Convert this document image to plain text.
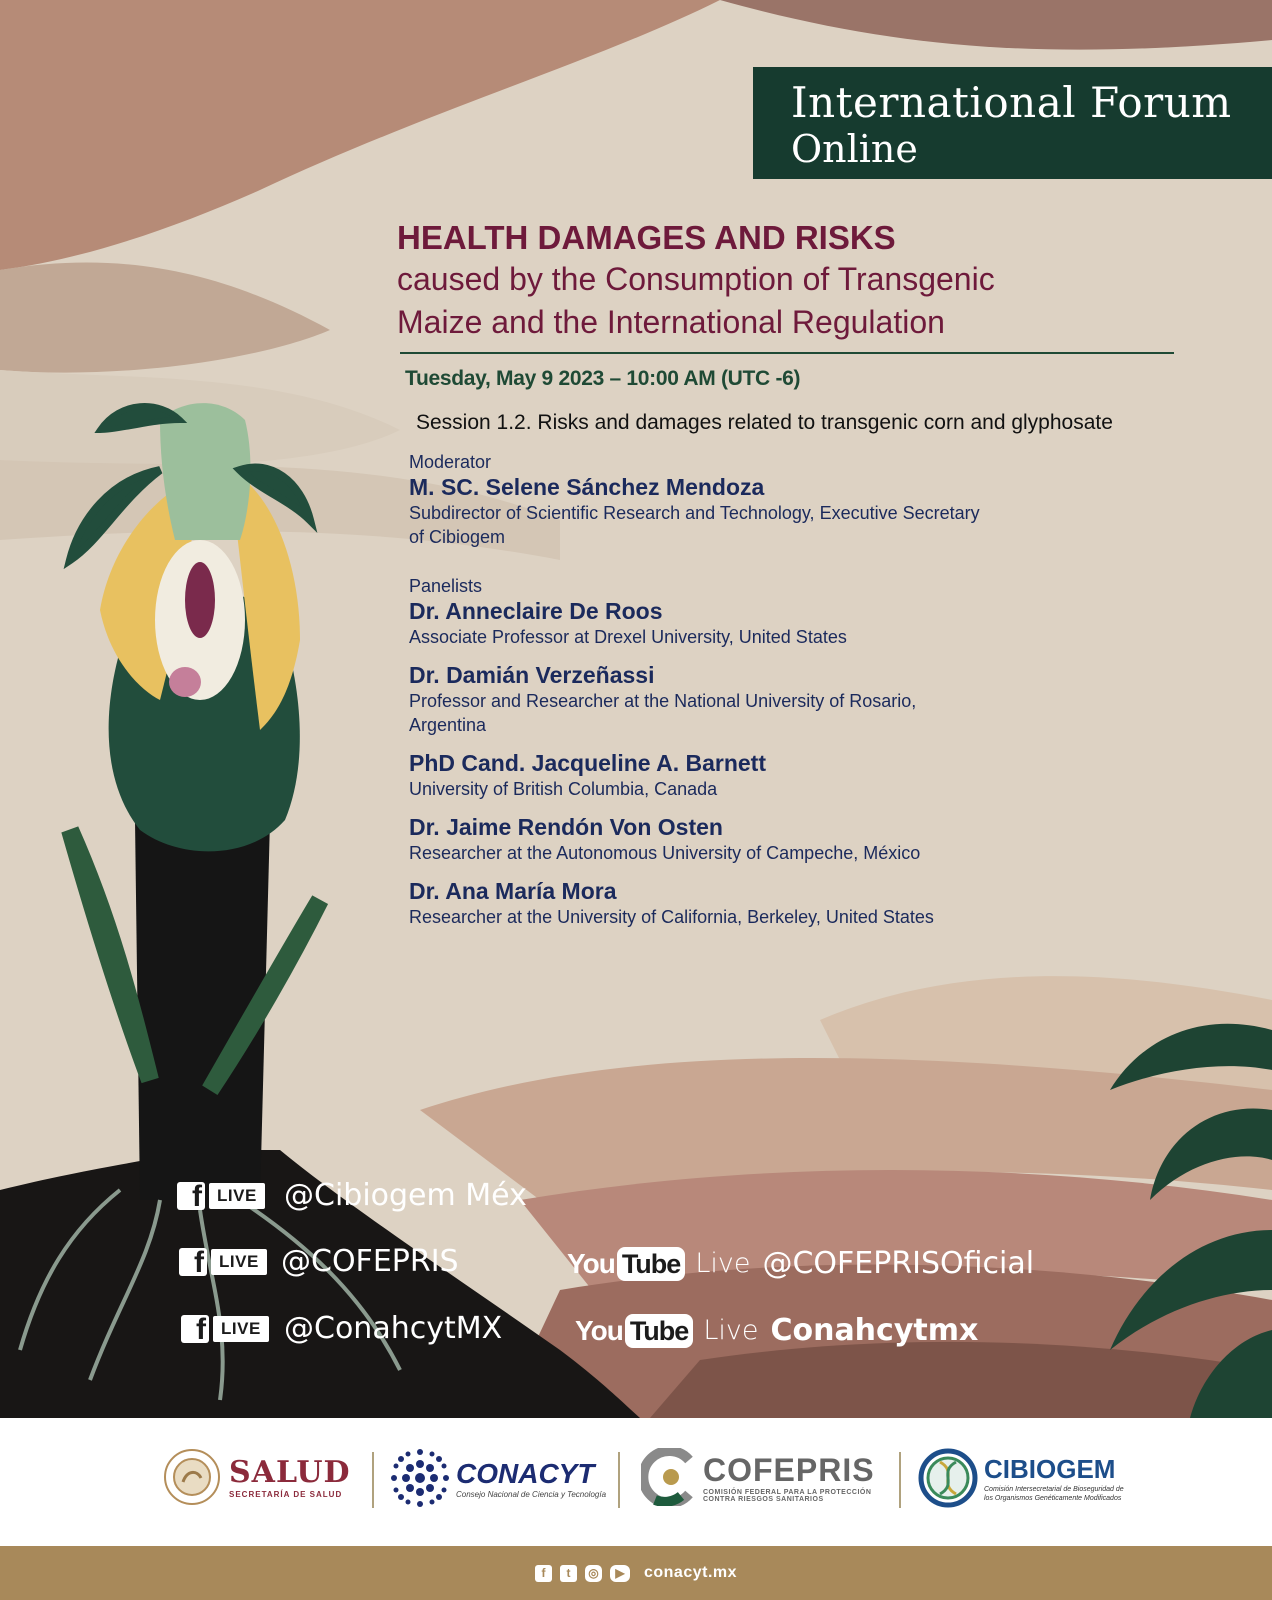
International Forum
Online
HEALTH DAMAGES AND RISKS
caused by the Consumption of Transgenic
Maize and the International Regulation
Tuesday, May 9 2023 – 10:00 AM (UTC -6)
Session 1.2. Risks and damages related to transgenic corn and glyphosate
Moderator
M. SC. Selene Sánchez Mendoza
Subdirector of Scientific Research and Technology, Executive Secretary
of Cibiogem
Panelists
Dr. Anneclaire De Roos
Associate Professor at Drexel University, United States
Dr. Damián Verzeñassi
Professor and Researcher at the National University of Rosario,
Argentina
PhD Cand. Jacqueline A. Barnett
University of British Columbia, Canada
Dr. Jaime Rendón Von Osten
Researcher at the Autonomous University of Campeche, México
Dr. Ana María Mora
Researcher at the University of California, Berkeley, United States
f LIVE @Cibiogem Méx
f LIVE @COFEPRIS
f LIVE @ConahcytMX
You Tube Live @COFEPRISOficial
You Tube Live Conahcytmx
SALUD
SECRETARÍA DE SALUD
CONACYT
Consejo Nacional de Ciencia y Tecnología
COFEPRIS
COMISIÓN FEDERAL PARA LA PROTECCIÓN
CONTRA RIESGOS SANITARIOS
CIBIOGEM
Comisión Intersecretarial de Bioseguridad de
los Organismos Genéticamente Modificados
f	t	◎	▶	conacyt.mx
